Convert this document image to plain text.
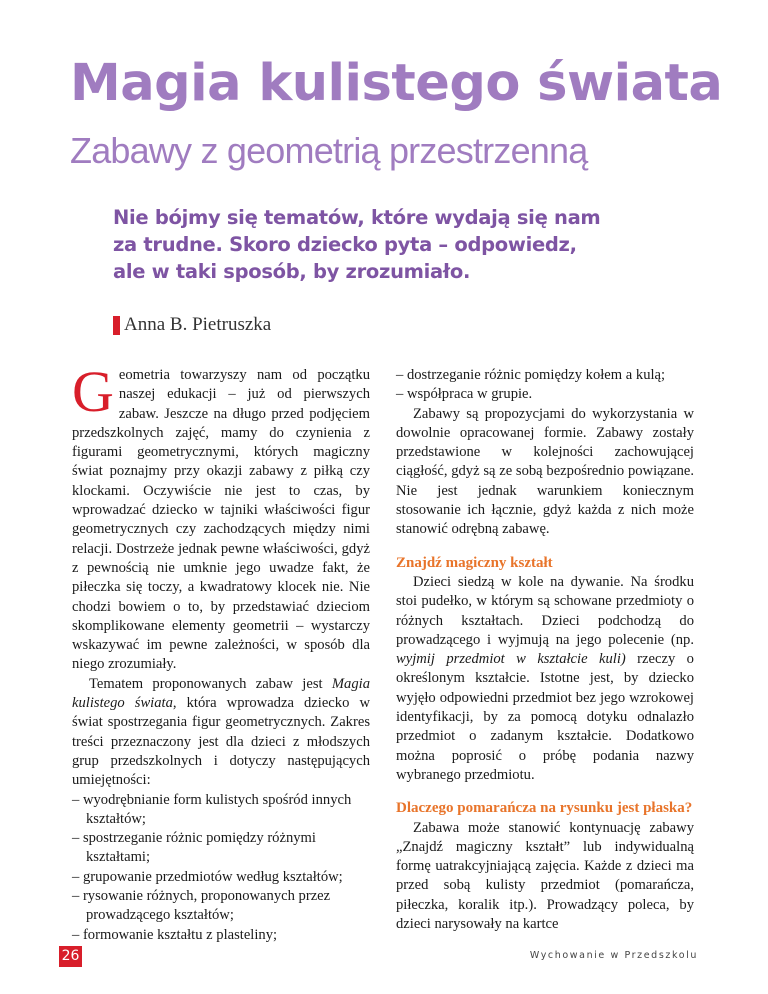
Magia kulistego świata
Zabawy z geometrią przestrzenną
Nie bójmy się tematów, które wydają się nam
za trudne. Skoro dziecko pyta – odpowiedz,
ale w taki sposób, by zrozumiało.
Anna B. Pietruszka

Geometria towarzyszy nam od początku naszej edukacji – już od pierwszych zabaw. Jeszcze na długo przed podjęciem przedszkolnych zajęć, mamy do czynienia z figurami geometrycznymi, których magiczny świat poznajmy przy okazji zabawy z piłką czy klockami. Oczywiście nie jest to czas, by wprowadzać dziecko w tajniki właściwości figur geometrycznych czy zachodzących między nimi relacji. Dostrzeże jednak pewne właściwości, gdyż z pewnością nie umknie jego uwadze fakt, że piłeczka się toczy, a kwadratowy klocek nie. Nie chodzi bowiem o to, by przedstawiać dzieciom skomplikowane elementy geometrii – wystarczy wskazywać im pewne zależności, w sposób dla niego zrozumiały.

Tematem proponowanych zabaw jest Magia kulistego świata, która wprowadza dziecko w świat spostrzegania figur geometrycznych. Zakres treści przeznaczony jest dla dzieci z młodszych grup przedszkolnych i dotyczy następujących umiejętności:

– wyodrębnianie form kulistych spośród innych kształtów;
– spostrzeganie różnic pomiędzy różnymi kształtami;
– grupowanie przedmiotów według kształtów;
– rysowanie różnych, proponowanych przez prowadzącego kształtów;
– formowanie kształtu z plasteliny;
– dostrzeganie różnic pomiędzy kołem a kulą;
– współpraca w grupie.

Zabawy są propozycjami do wykorzystania w dowolnie opracowanej formie. Zabawy zostały przedstawione w kolejności zachowującej ciągłość, gdyż są ze sobą bezpośrednio powiązane. Nie jest jednak warunkiem koniecznym stosowanie ich łącznie, gdyż każda z nich może stanowić odrębną zabawę.

Znajdź magiczny kształt

Dzieci siedzą w kole na dywanie. Na środku stoi pudełko, w którym są schowane przedmioty o różnych kształtach. Dzieci podchodzą do prowadzącego i wyjmują na jego polecenie (np. wyjmij przedmiot w kształcie kuli) rzeczy o określonym kształcie. Istotne jest, by dziecko wyjęło odpowiedni przedmiot bez jego wzrokowej identyfikacji, by za pomocą dotyku odnalazło przedmiot o zadanym kształcie. Dodatkowo można poprosić o próbę podania nazwy wybranego przedmiotu.

Dlaczego pomarańcza na rysunku jest płaska?

Zabawa może stanowić kontynuację zabawy „Znajdź magiczny kształt” lub indywidualną formę uatrakcyjniającą zajęcia. Każde z dzieci ma przed sobą kulisty przedmiot (pomarańcza, piłeczka, koralik itp.). Prowadzący poleca, by dzieci narysowały na kartce

26	Wychowanie w Przedszkolu
